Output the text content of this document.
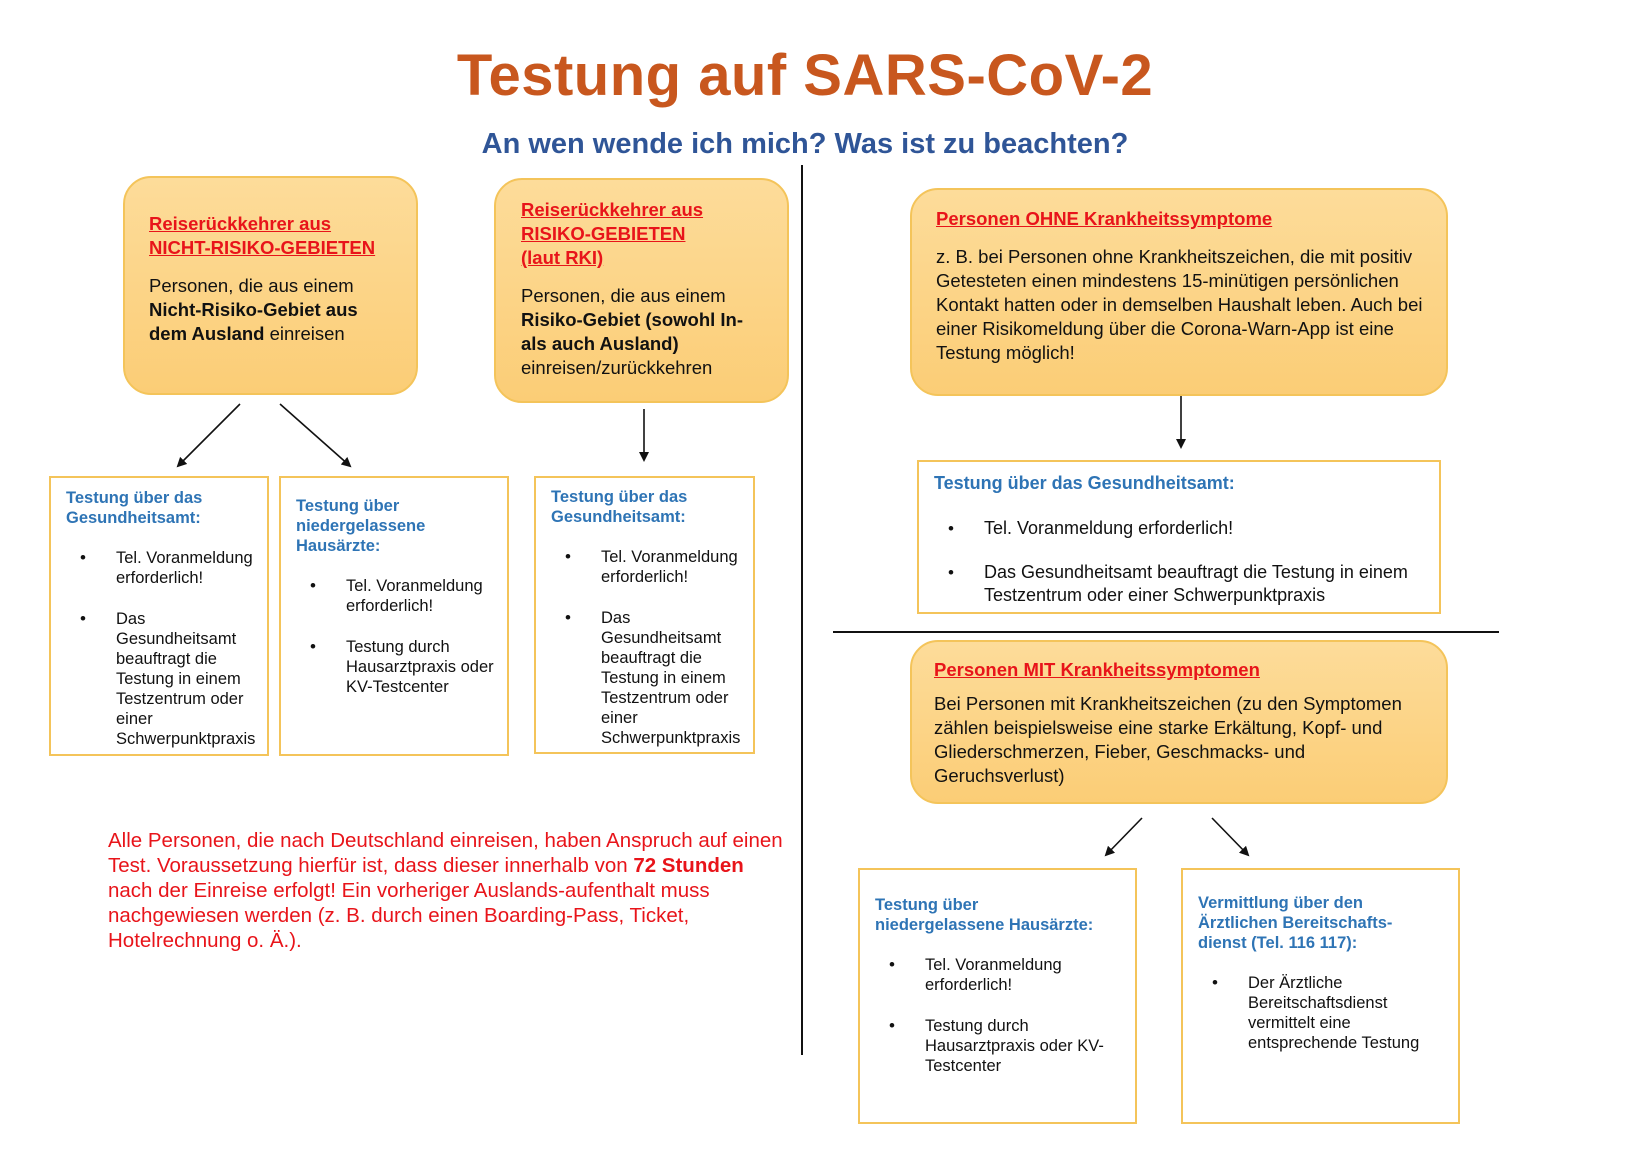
Testung auf SARS-CoV-2
An wen wende ich mich? Was ist zu beachten?
Reiserückkehrer aus
NICHT-RISIKO-GEBIETEN
Personen, die aus einem Nicht-Risiko-Gebiet aus dem Ausland einreisen
Reiserückkehrer aus
RISIKO-GEBIETEN
(laut RKI)
Personen, die aus einem Risiko-Gebiet (sowohl In- als auch Ausland) einreisen/zurückkehren
Testung über das
Gesundheitsamt:
• Tel. Voranmeldung erforderlich!
• Das Gesundheitsamt beauftragt die Testung in einem Testzentrum oder einer Schwerpunktpraxis
Testung über
niedergelassene
Hausärzte:
• Tel. Voranmeldung erforderlich!
• Testung durch Hausarztpraxis oder KV-Testcenter
Testung über das
Gesundheitsamt:
• Tel. Voranmeldung erforderlich!
• Das Gesundheitsamt beauftragt die Testung in einem Testzentrum oder einer Schwerpunktpraxis
Alle Personen, die nach Deutschland einreisen, haben Anspruch auf einen Test. Voraussetzung hierfür ist, dass dieser innerhalb von 72 Stunden nach der Einreise erfolgt! Ein vorheriger Auslands-aufenthalt muss nachgewiesen werden (z. B. durch einen Boarding-Pass, Ticket, Hotelrechnung o. Ä.).
Personen OHNE Krankheitssymptome
z. B. bei Personen ohne Krankheitszeichen, die mit positiv Getesteten einen mindestens 15-minütigen persönlichen Kontakt hatten oder in demselben Haushalt leben. Auch bei einer Risikomeldung über die Corona-Warn-App ist eine Testung möglich!
Testung über das Gesundheitsamt:
• Tel. Voranmeldung erforderlich!
• Das Gesundheitsamt beauftragt die Testung in einem Testzentrum oder einer Schwerpunktpraxis
Personen MIT Krankheitssymptomen
Bei Personen mit Krankheitszeichen (zu den Symptomen zählen beispielsweise eine starke Erkältung, Kopf- und Gliederschmerzen, Fieber, Geschmacks- und Geruchsverlust)
Testung über
niedergelassene Hausärzte:
• Tel. Voranmeldung erforderlich!
• Testung durch Hausarztpraxis oder KV-Testcenter
Vermittlung über den
Ärztlichen Bereitschafts-
dienst (Tel. 116 117):
• Der Ärztliche Bereitschaftsdienst vermittelt eine entsprechende Testung
